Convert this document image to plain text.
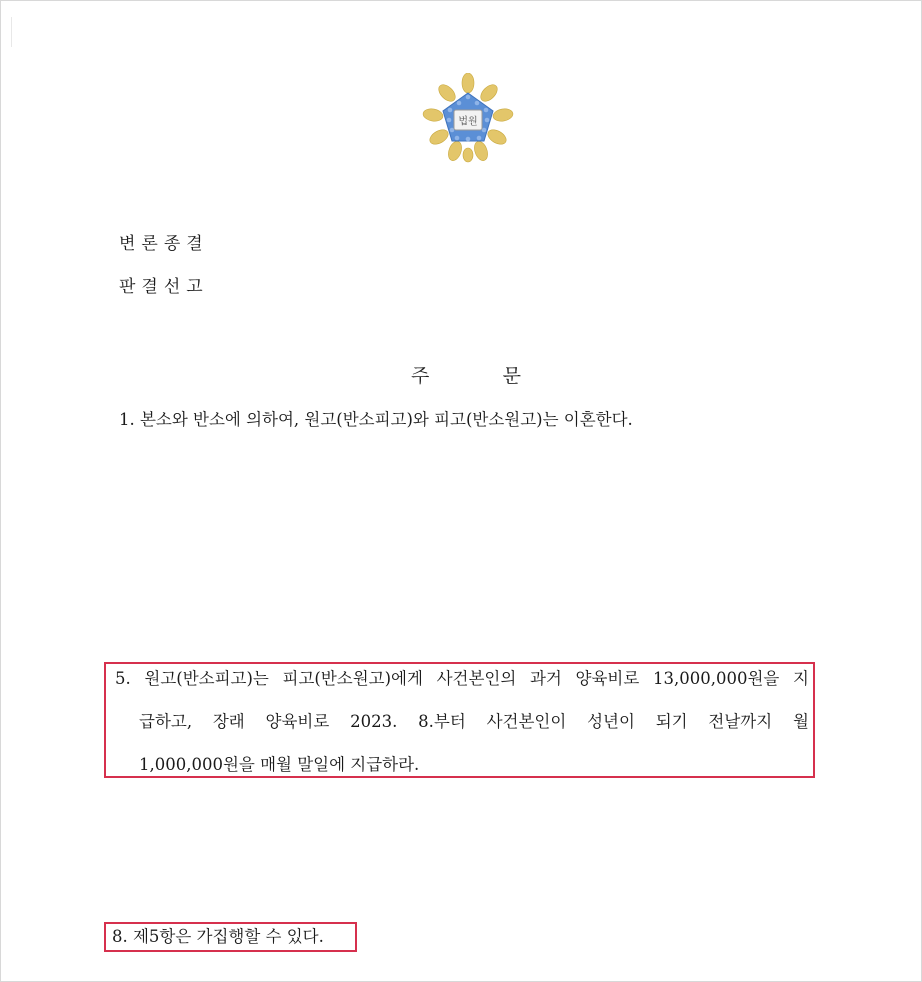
법원
변론종결
판결선고
주	문
1. 본소와 반소에 의하여, 원고(반소피고)와 피고(반소원고)는 이혼한다.
5. 원고(반소피고)는 피고(반소원고)에게 사건본인의 과거 양육비로 13,000,000원을 지
급하고, 장래 양육비로 2023. 8.부터 사건본인이 성년이 되기 전날까지 월
1,000,000원을 매월 말일에 지급하라.
8. 제5항은 가집행할 수 있다.
